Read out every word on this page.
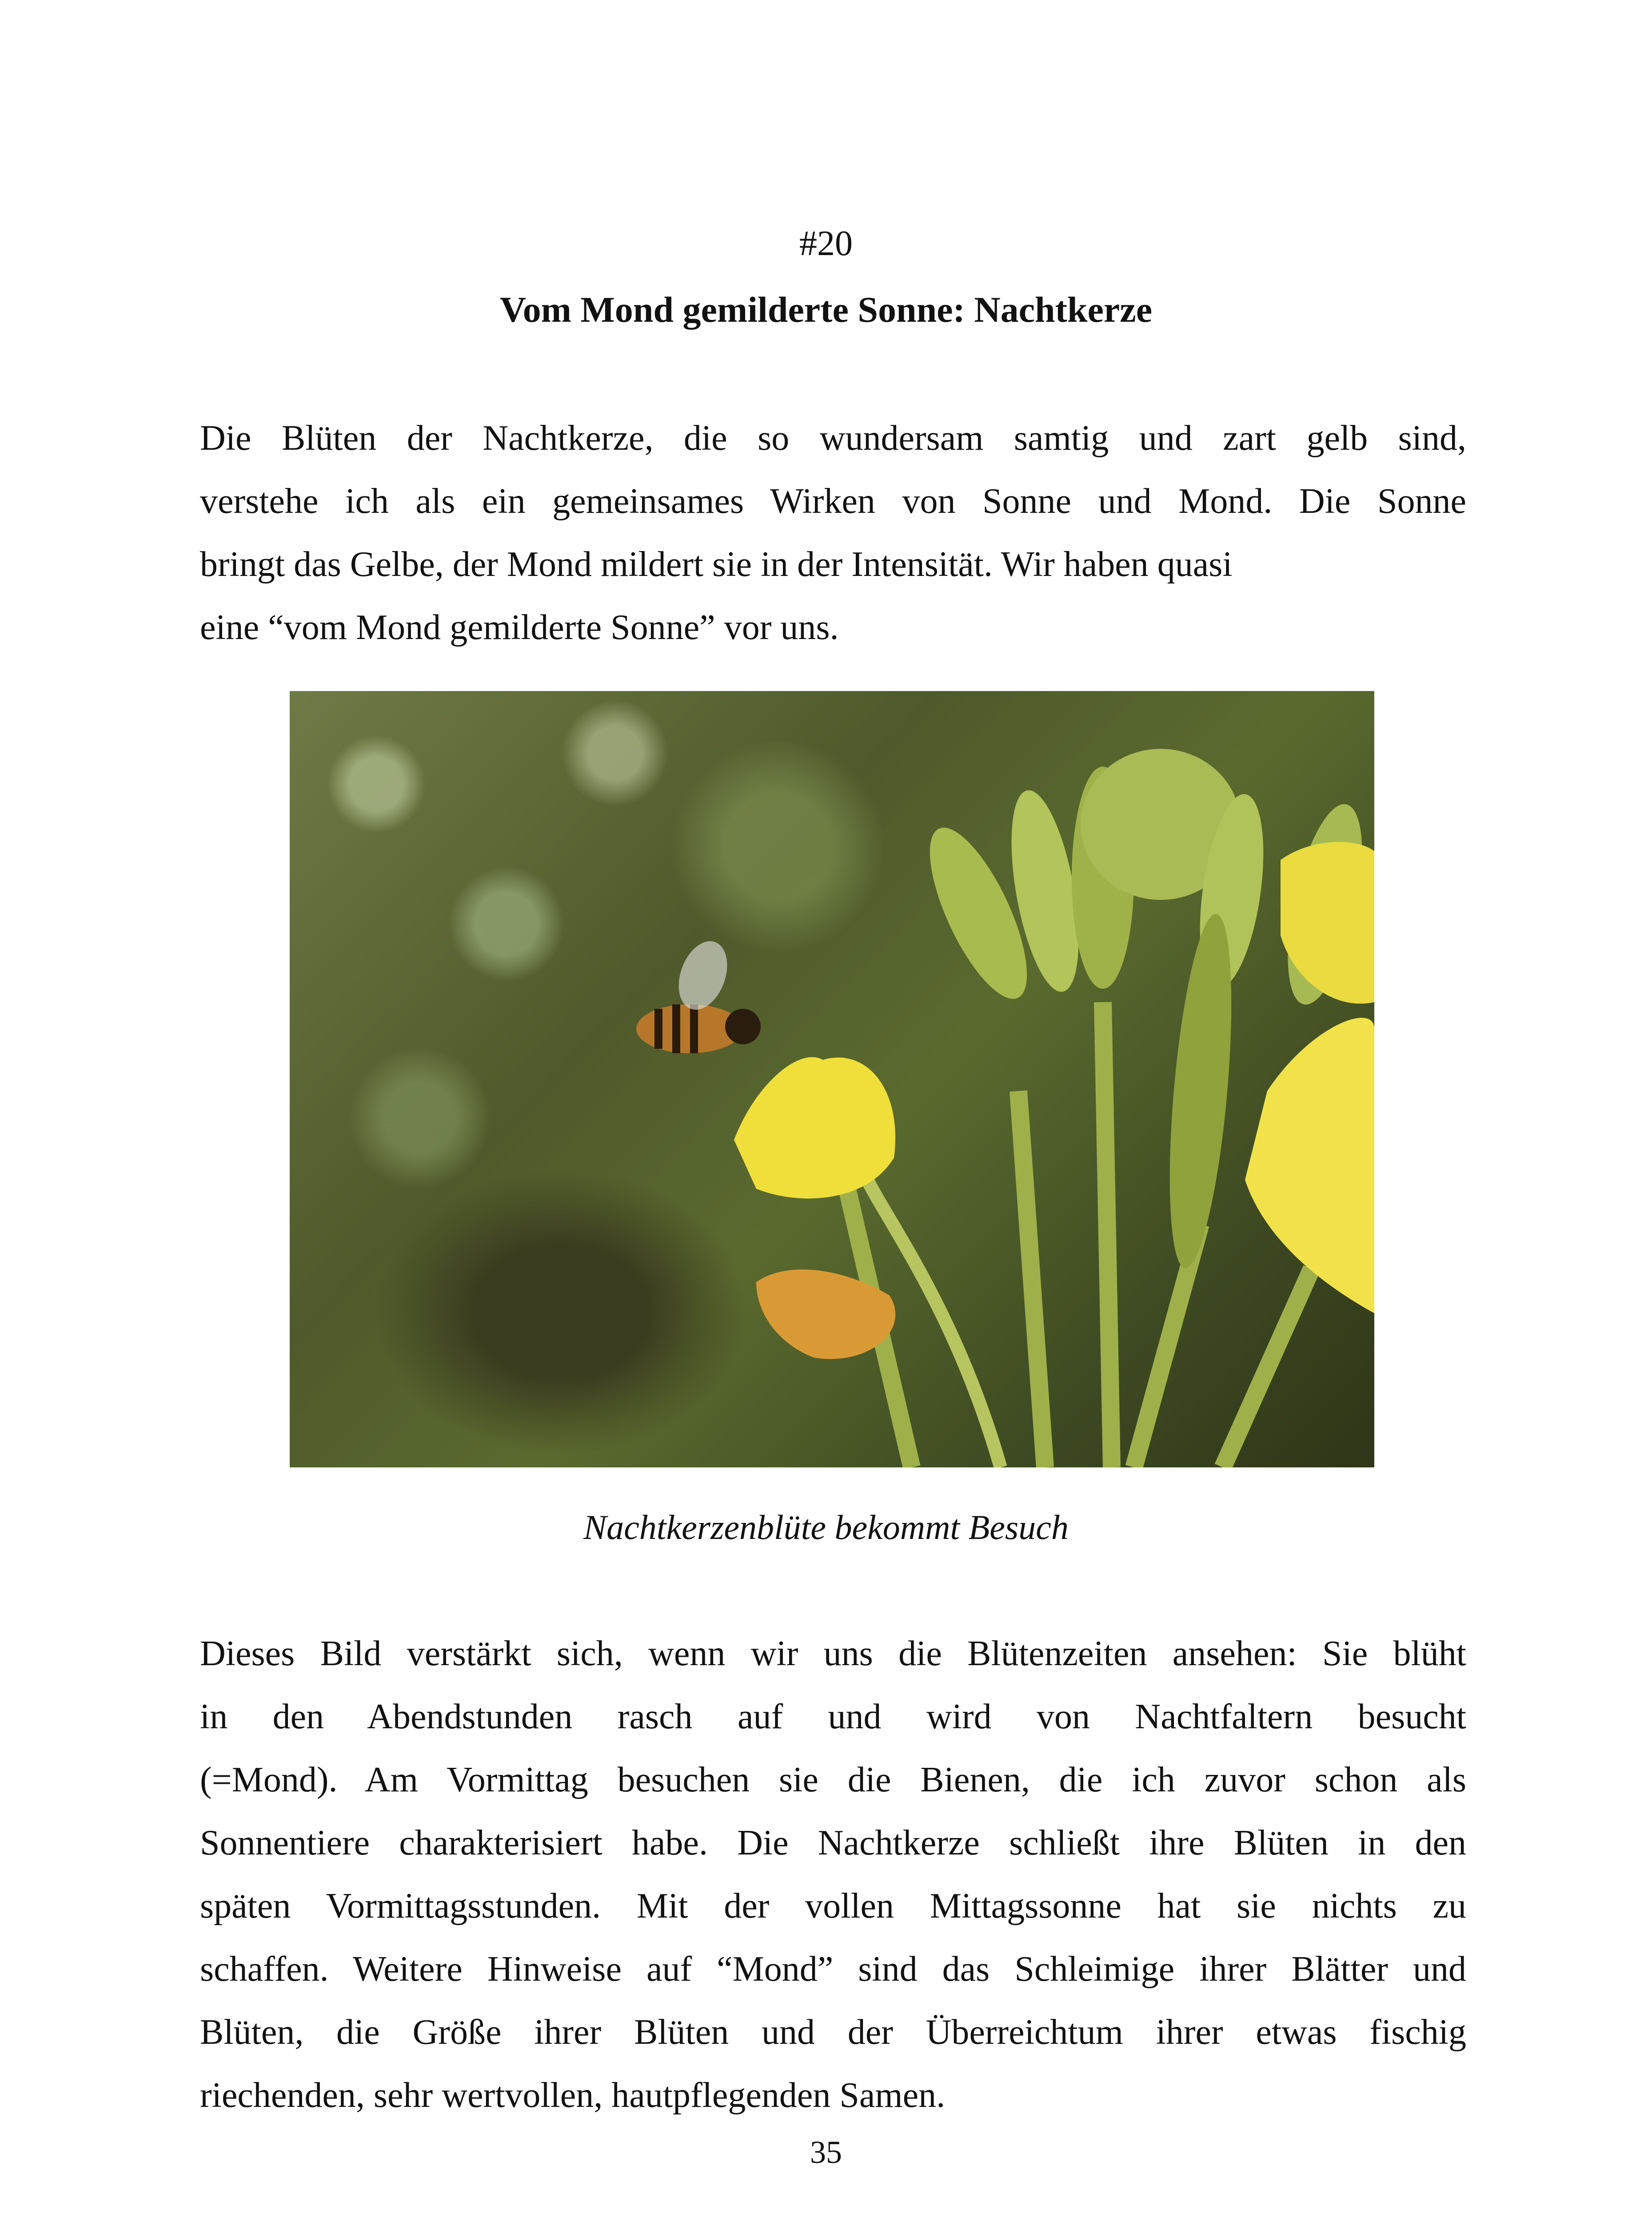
#20
Vom Mond gemilderte Sonne: Nachtkerze
Die Blüten der Nachtkerze, die so wundersam samtig und zart gelb sind,
verstehe ich als ein gemeinsames Wirken von Sonne und Mond. Die Sonne
bringt das Gelbe, der Mond mildert sie in der Intensität. Wir haben quasi
eine “vom Mond gemilderte Sonne” vor uns.
Nachtkerzenblüte bekommt Besuch
Dieses Bild verstärkt sich, wenn wir uns die Blütenzeiten ansehen: Sie blüht
in den Abendstunden rasch auf und wird von Nachtfaltern besucht
(=Mond). Am Vormittag besuchen sie die Bienen, die ich zuvor schon als
Sonnentiere charakterisiert habe. Die Nachtkerze schließt ihre Blüten in den
späten Vormittagsstunden. Mit der vollen Mittagssonne hat sie nichts zu
schaffen. Weitere Hinweise auf “Mond” sind das Schleimige ihrer Blätter und
Blüten, die Größe ihrer Blüten und der Überreichtum ihrer etwas fischig
riechenden, sehr wertvollen, hautpflegenden Samen.
35
